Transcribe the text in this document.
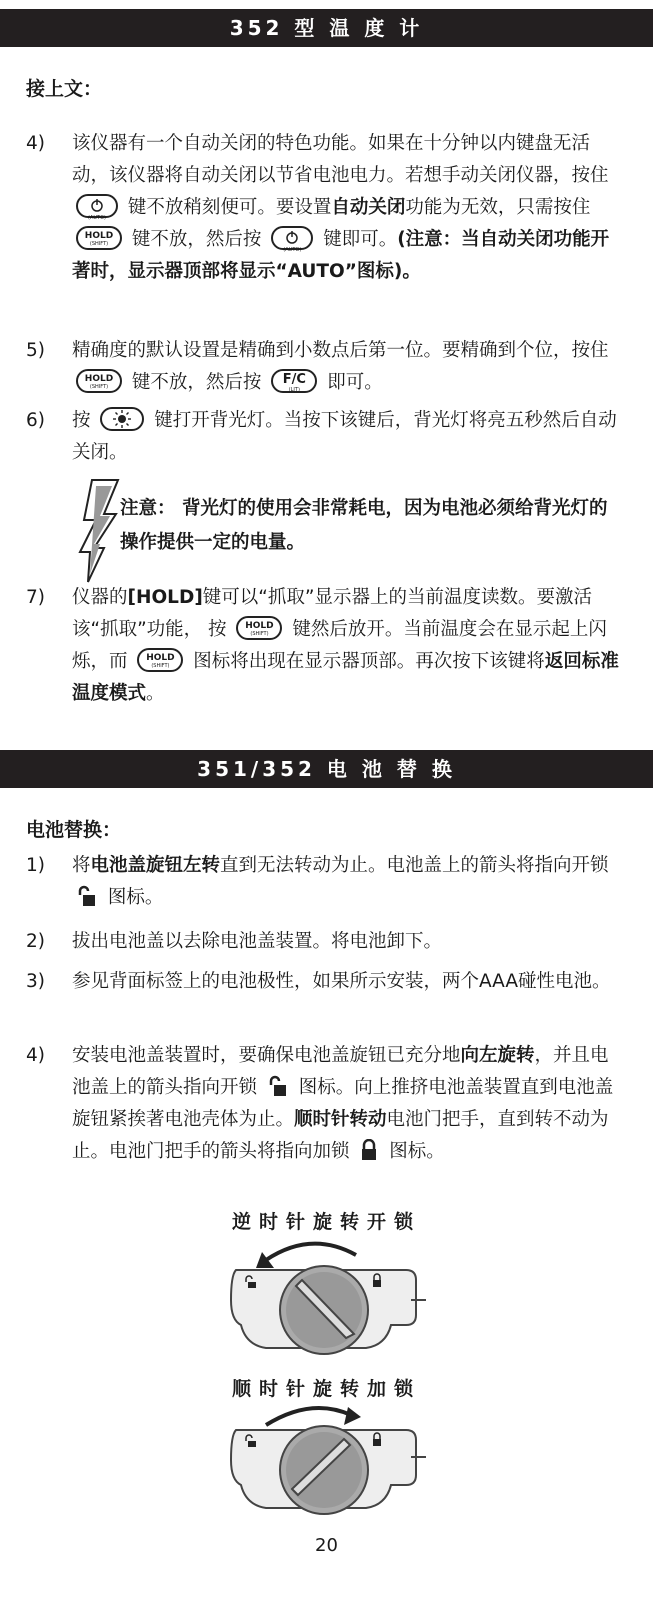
352 型 温 度 计
接上文：
4) 该仪器有一个自动关闭的特色功能。如果在十分钟以内键盘无活动，该仪器将自动关闭以节省电池电力。若想手动关闭仪器，按住
(AUTO)	键不放稍刻便可。要设置自动关闭功能为无效，只需按住 HOLD
(SHIFT)	键不放，然后按	(AUTO)	键即可。(注意：当自动关闭功能开著时，显示器顶部将显示“AUTO”图标)。
5) 精确度的默认设置是精确到小数点后第一位。要精确到个位，按住 HOLD
(SHIFT)	键不放，然后按 F/C
(LIT)	即可。
6) 按	键打开背光灯。当按下该键后，背光灯将亮五秒然后自动关闭。
注意： 背光灯的使用会非常耗电，因为电池必须给背光灯的操作提供一定的电量。
7) 仪器的[HOLD]键可以“抓取”显示器上的当前温度读数。要激活该“抓取”功能， 按 HOLD
(SHIFT)	键然后放开。当前温度会在显示起上闪烁，而 HOLD
(SHIFT)	图标将出现在显示器顶部。再次按下该键将返回标准温度模式。
351/352 电 池 替 换
电池替换：
1) 将电池盖旋钮左转直到无法转动为止。电池盖上的箭头将指向开锁  图标。
2) 拔出电池盖以去除电池盖装置。将电池卸下。
3) 参见背面标签上的电池极性，如果所示安装，两个AAA碰性电池。
4) 安装电池盖装置时，要确保电池盖旋钮已充分地向左旋转，并且电池盖上的箭头指向开锁 图标。向上推挤电池盖装置直到电池盖旋钮紧挨著电池壳体为止。顺时针转动电池门把手，直到转不动为止。电池门把手的箭头将指向加锁 图标。
逆时针旋转开锁
顺时针旋转加锁
20
